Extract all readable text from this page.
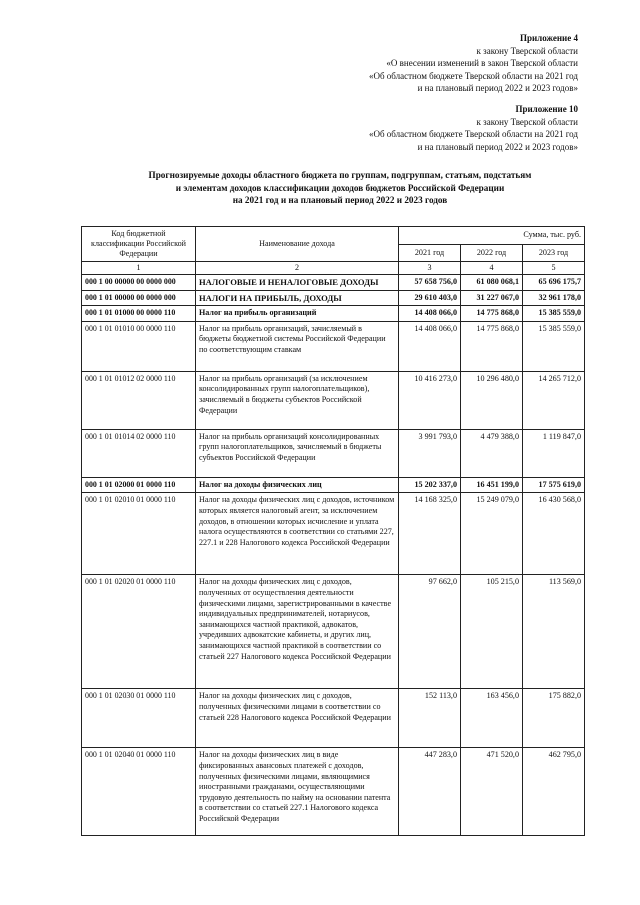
Приложение 4
к закону Тверской области
«О внесении изменений в закон Тверской области
«Об областном бюджете Тверской области на 2021 год
и на плановый период 2022 и 2023 годов»
Приложение 10
к закону Тверской области
«Об областном бюджете Тверской области на 2021 год
и на плановый период 2022 и 2023 годов»
Прогнозируемые доходы областного бюджета по группам, подгруппам, статьям, подстатьям
и элементам доходов классификации доходов бюджетов Российской Федерации
на 2021 год и на плановый период 2022 и 2023 годов
Код бюджетной классификации Российской Федерации	Наименование дохода	Сумма, тыс. руб.		
		2021 год	2022 год	2023 год
1	2	3	4	5
000 1 00 00000 00 0000 000	НАЛОГОВЫЕ И НЕНАЛОГОВЫЕ ДОХОДЫ	57 658 756,0	61 080 068,1	65 696 175,7
000 1 01 00000 00 0000 000	НАЛОГИ НА ПРИБЫЛЬ, ДОХОДЫ	29 610 403,0	31 227 067,0	32 961 178,0
000 1 01 01000 00 0000 110	Налог на прибыль организаций	14 408 066,0	14 775 868,0	15 385 559,0
000 1 01 01010 00 0000 110	Налог на прибыль организаций, зачисляемый в бюджеты бюджетной системы Российской Федерации по соответствующим ставкам	14 408 066,0	14 775 868,0	15 385 559,0
000 1 01 01012 02 0000 110	Налог на прибыль организаций (за исключением консолидированных групп налогоплательщиков), зачисляемый в бюджеты субъектов Российской Федерации	10 416 273,0	10 296 480,0	14 265 712,0
000 1 01 01014 02 0000 110	Налог на прибыль организаций консолидированных групп налогоплательщиков, зачисляемый в бюджеты субъектов Российской Федерации	3 991 793,0	4 479 388,0	1 119 847,0
000 1 01 02000 01 0000 110	Налог на доходы физических лиц	15 202 337,0	16 451 199,0	17 575 619,0
000 1 01 02010 01 0000 110	Налог на доходы физических лиц с доходов, источником которых является налоговый агент, за исключением доходов, в отношении которых исчисление и уплата налога осуществляются в соответствии со статьями 227, 227.1 и 228 Налогового кодекса Российской Федерации	14 168 325,0	15 249 079,0	16 430 568,0
000 1 01 02020 01 0000 110	Налог на доходы физических лиц с доходов, полученных от осуществления деятельности физическими лицами, зарегистрированными в качестве индивидуальных предпринимателей, нотариусов, занимающихся частной практикой, адвокатов, учредивших адвокатские кабинеты, и других лиц, занимающихся частной практикой в соответствии со статьей 227 Налогового кодекса Российской Федерации	97 662,0	105 215,0	113 569,0
000 1 01 02030 01 0000 110	Налог на доходы физических лиц с доходов, полученных физическими лицами в соответствии со статьей 228 Налогового кодекса Российской Федерации	152 113,0	163 456,0	175 882,0
000 1 01 02040 01 0000 110	Налог на доходы физических лиц в виде фиксированных авансовых платежей с доходов, полученных физическими лицами, являющимися иностранными гражданами, осуществляющими трудовую деятельность по найму на основании патента в соответствии со статьей 227.1 Налогового кодекса Российской Федерации	447 283,0	471 520,0	462 795,0
